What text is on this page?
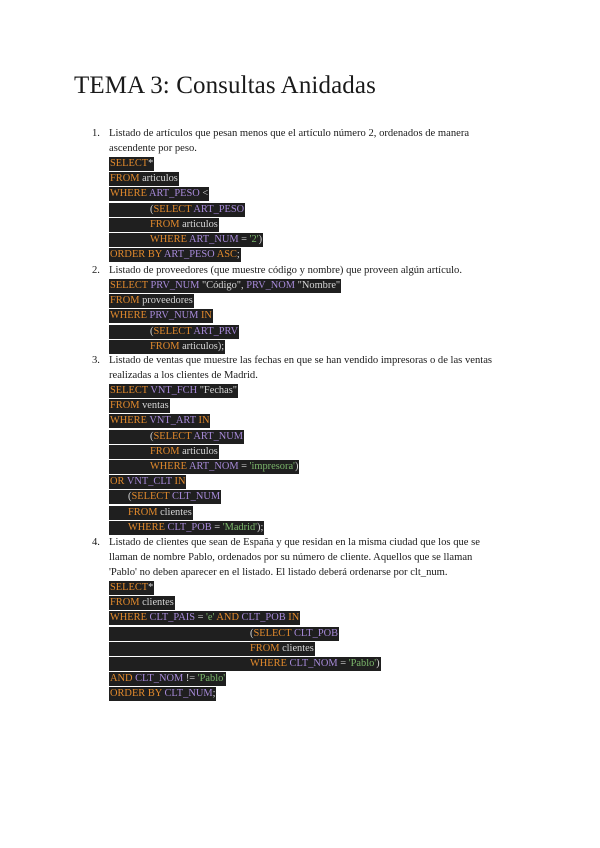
TEMA 3: Consultas Anidadas
1. Listado de artículos que pesan menos que el artículo número 2, ordenados de manera ascendente por peso.
SELECT*
FROM articulos
WHERE ART_PESO <
(SELECT ART_PESO
FROM articulos
WHERE ART_NUM = '2')
ORDER BY ART_PESO ASC;
2. Listado de proveedores (que muestre código y nombre) que proveen algún artículo.
SELECT PRV_NUM "Código", PRV_NOM "Nombre"
FROM proveedores
WHERE PRV_NUM IN
(SELECT ART_PRV
FROM articulos);
3. Listado de ventas que muestre las fechas en que se han vendido impresoras o de las ventas realizadas a los clientes de Madrid.
SELECT VNT_FCH "Fechas"
FROM ventas
WHERE VNT_ART IN
(SELECT ART_NUM
FROM articulos
WHERE ART_NOM = 'impresora')
OR VNT_CLT IN
(SELECT CLT_NUM
FROM clientes
WHERE CLT_POB = 'Madrid');
4. Listado de clientes que sean de España y que residan en la misma ciudad que los que se llaman de nombre Pablo, ordenados por su número de cliente. Aquellos que se llaman 'Pablo' no deben aparecer en el listado. El listado deberá ordenarse por clt_num.
SELECT*
FROM clientes
WHERE CLT_PAIS = 'e' AND CLT_POB IN
(SELECT CLT_POB
FROM clientes
WHERE CLT_NOM = 'Pablo')
AND CLT_NOM != 'Pablo'
ORDER BY CLT_NUM;
